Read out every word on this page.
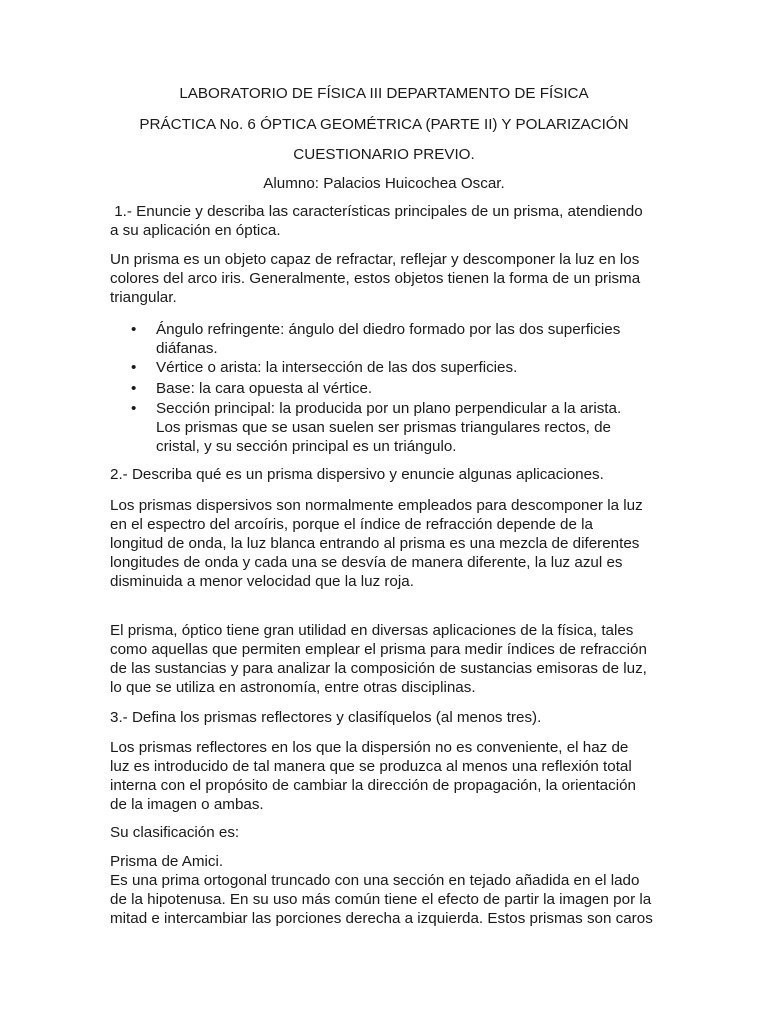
LABORATORIO DE FÍSICA III DEPARTAMENTO DE FÍSICA
PRÁCTICA No. 6 ÓPTICA GEOMÉTRICA (PARTE II) Y POLARIZACIÓN
CUESTIONARIO PREVIO.
Alumno: Palacios Huicochea Oscar.
1.- Enuncie y describa las características principales de un prisma, atendiendo
a su aplicación en óptica.
Un prisma es un objeto capaz de refractar, reflejar y descomponer la luz en los
colores del arco iris. Generalmente, estos objetos tienen la forma de un prisma
triangular.
•	Ángulo refringente: ángulo del diedro formado por las dos superficies
diáfanas.
•	Vértice o arista: la intersección de las dos superficies.
•	Base: la cara opuesta al vértice.
•	Sección principal: la producida por un plano perpendicular a la arista.
Los prismas que se usan suelen ser prismas triangulares rectos, de
cristal, y su sección principal es un triángulo.
2.- Describa qué es un prisma dispersivo y enuncie algunas aplicaciones.
Los prismas dispersivos son normalmente empleados para descomponer la luz
en el espectro del arcoíris, porque el índice de refracción depende de la
longitud de onda, la luz blanca entrando al prisma es una mezcla de diferentes
longitudes de onda y cada una se desvía de manera diferente, la luz azul es
disminuida a menor velocidad que la luz roja.
El prisma, óptico tiene gran utilidad en diversas aplicaciones de la física, tales
como aquellas que permiten emplear el prisma para medir índices de refracción
de las sustancias y para analizar la composición de sustancias emisoras de luz,
lo que se utiliza en astronomía, entre otras disciplinas.
3.- Defina los prismas reflectores y clasifíquelos (al menos tres).
Los prismas reflectores en los que la dispersión no es conveniente, el haz de
luz es introducido de tal manera que se produzca al menos una reflexión total
interna con el propósito de cambiar la dirección de propagación, la orientación
de la imagen o ambas.
Su clasificación es:
Prisma de Amici.
Es una prima ortogonal truncado con una sección en tejado añadida en el lado
de la hipotenusa. En su uso más común tiene el efecto de partir la imagen por la
mitad e intercambiar las porciones derecha a izquierda. Estos prismas son caros
